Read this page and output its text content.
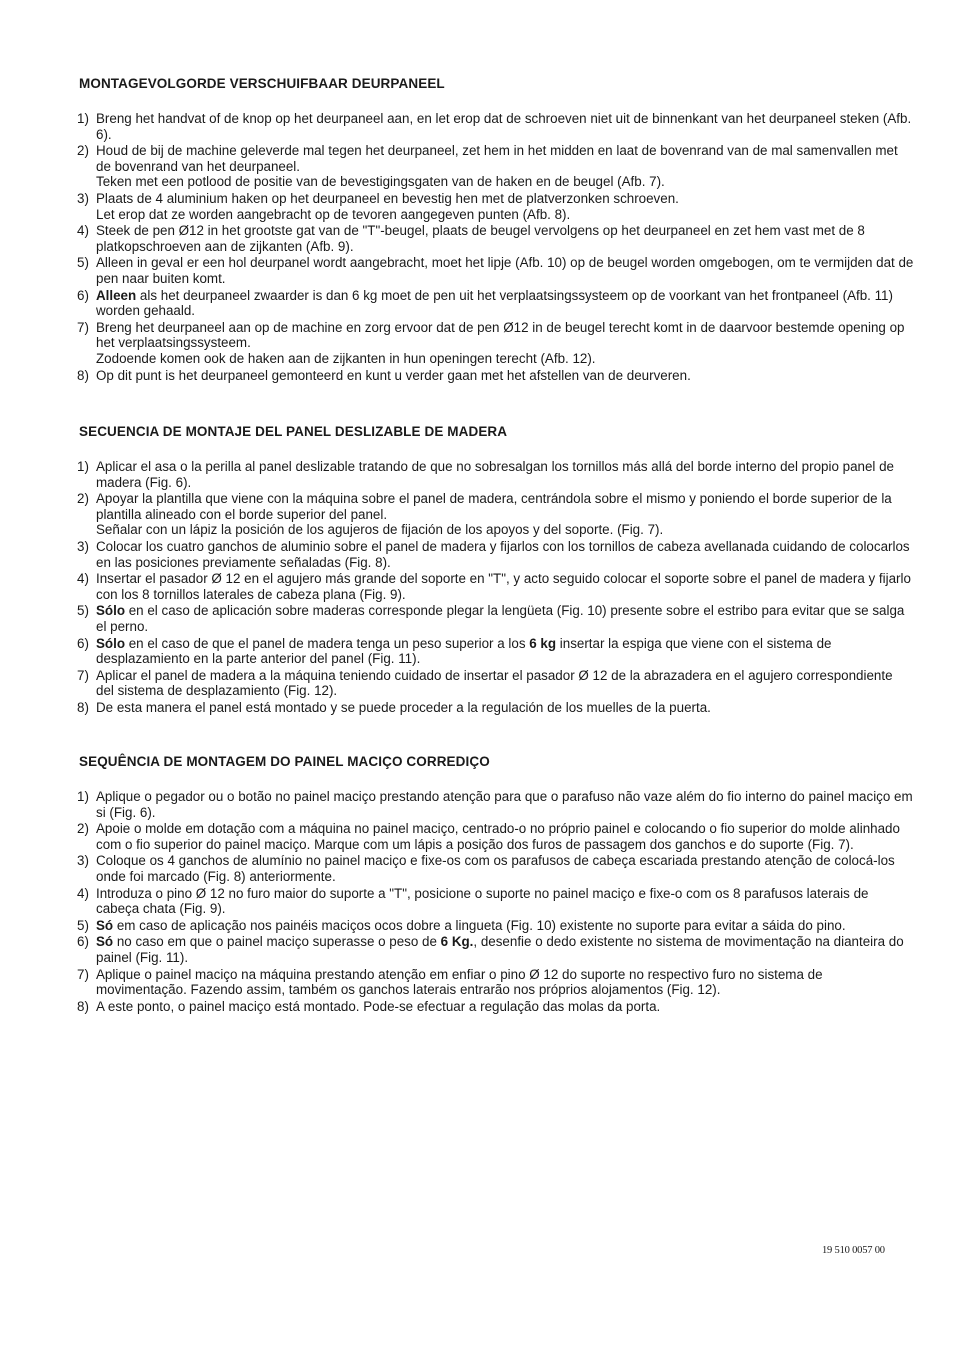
MONTAGEVOLGORDE VERSCHUIFBAAR DEURPANEEL
1) Breng het handvat of de knop op het deurpaneel aan, en let erop dat de schroeven niet uit de binnenkant van het deurpaneel steken (Afb. 6).
2) Houd de bij de machine geleverde mal tegen het deurpaneel, zet hem in het midden en laat de bovenrand van de mal samenvallen met de bovenrand van het deurpaneel.
Teken met een potlood de positie van de bevestigingsgaten van de haken en de beugel (Afb. 7).
3) Plaats de 4 aluminium haken op het deurpaneel en bevestig hen met de platverzonken schroeven.
Let erop dat ze worden aangebracht op de tevoren aangegeven punten (Afb. 8).
4) Steek de pen Ø12 in het grootste gat van de "T"-beugel, plaats de beugel vervolgens op het deurpaneel en zet hem vast met de 8 platkopschroeven aan de zijkanten (Afb. 9).
5) Alleen in geval er een hol deurpanel wordt aangebracht, moet het lipje (Afb. 10) op de beugel worden omgebogen, om te vermijden dat de pen naar buiten komt.
6) Alleen als het deurpaneel zwaarder is dan 6 kg moet de pen uit het verplaatsingssysteem op de voorkant van het frontpaneel (Afb. 11) worden gehaald.
7) Breng het deurpaneel aan op de machine en zorg ervoor dat de pen Ø12 in de beugel terecht komt in de daarvoor bestemde opening op het verplaatsingssysteem.
Zodoende komen ook de haken aan de zijkanten in hun openingen terecht (Afb. 12).
8) Op dit punt is het deurpaneel gemonteerd en kunt u verder gaan met het afstellen van de deurveren.
SECUENCIA DE MONTAJE DEL PANEL DESLIZABLE DE MADERA
1) Aplicar el asa o la perilla al panel deslizable tratando de que no sobresalgan los tornillos más allá del borde interno del propio panel de madera (Fig. 6).
2) Apoyar la plantilla que viene con la máquina sobre el panel de madera, centrándola sobre el mismo y poniendo el borde superior de la plantilla alineado con el borde superior del panel.
Señalar con un lápiz la posición de los agujeros de fijación de los apoyos y del soporte. (Fig. 7).
3) Colocar los cuatro ganchos de aluminio sobre el panel de madera y fijarlos con los tornillos de cabeza avellanada cuidando de colocarlos en las posiciones previamente señaladas (Fig. 8).
4) Insertar el pasador Ø 12 en el agujero más grande del soporte en "T", y acto seguido colocar el soporte sobre el panel de madera y fijarlo con los 8 tornillos laterales de cabeza plana (Fig. 9).
5) Sólo en el caso de aplicación sobre maderas corresponde plegar la lengüeta (Fig. 10) presente sobre el estribo para evitar que se salga el perno.
6) Sólo en el caso de que el panel de madera tenga un peso superior a los 6 kg insertar la espiga que viene con el sistema de desplazamiento en la parte anterior del panel (Fig. 11).
7) Aplicar el panel de madera a la máquina teniendo cuidado de insertar el pasador Ø 12 de la abrazadera en el agujero correspondiente del sistema de desplazamiento (Fig. 12).
8) De esta manera el panel está montado y se puede proceder a la regulación de los muelles de la puerta.
SEQUÊNCIA DE MONTAGEM DO PAINEL MACIÇO CORREDIÇO
1) Aplique o pegador ou o botão no painel maciço prestando atenção para que o parafuso não vaze além do fio interno do painel maciço em si (Fig. 6).
2) Apoie o molde em dotação com a máquina no painel maciço, centrado-o no próprio painel e colocando o fio superior do molde alinhado com o fio superior do painel maciço. Marque com um lápis a posição dos furos de passagem dos ganchos e do suporte (Fig. 7).
3) Coloque os 4 ganchos de alumínio no painel maciço e fixe-os com os parafusos de cabeça escariada prestando atenção de colocá-los onde foi marcado (Fig. 8) anteriormente.
4) Introduza o pino Ø 12 no furo maior do suporte a "T", posicione o suporte no painel maciço e fixe-o com os 8 parafusos laterais de cabeça chata (Fig. 9).
5) Só em caso de aplicação nos painéis maciços ocos dobre a lingueta (Fig. 10) existente no suporte para evitar a sáida do pino.
6) Só no caso em que o painel maciço superasse o peso de 6 Kg., desenfie o dedo existente no sistema de movimentação na dianteira do painel (Fig. 11).
7) Aplique o painel maciço na máquina prestando atenção em enfiar o pino Ø 12 do suporte no respectivo furo no sistema de movimentação. Fazendo assim, também os ganchos laterais entrarão nos próprios alojamentos (Fig. 12).
8) A este ponto, o painel maciço está montado. Pode-se efectuar a regulação das molas da porta.
19 510 0057 00
